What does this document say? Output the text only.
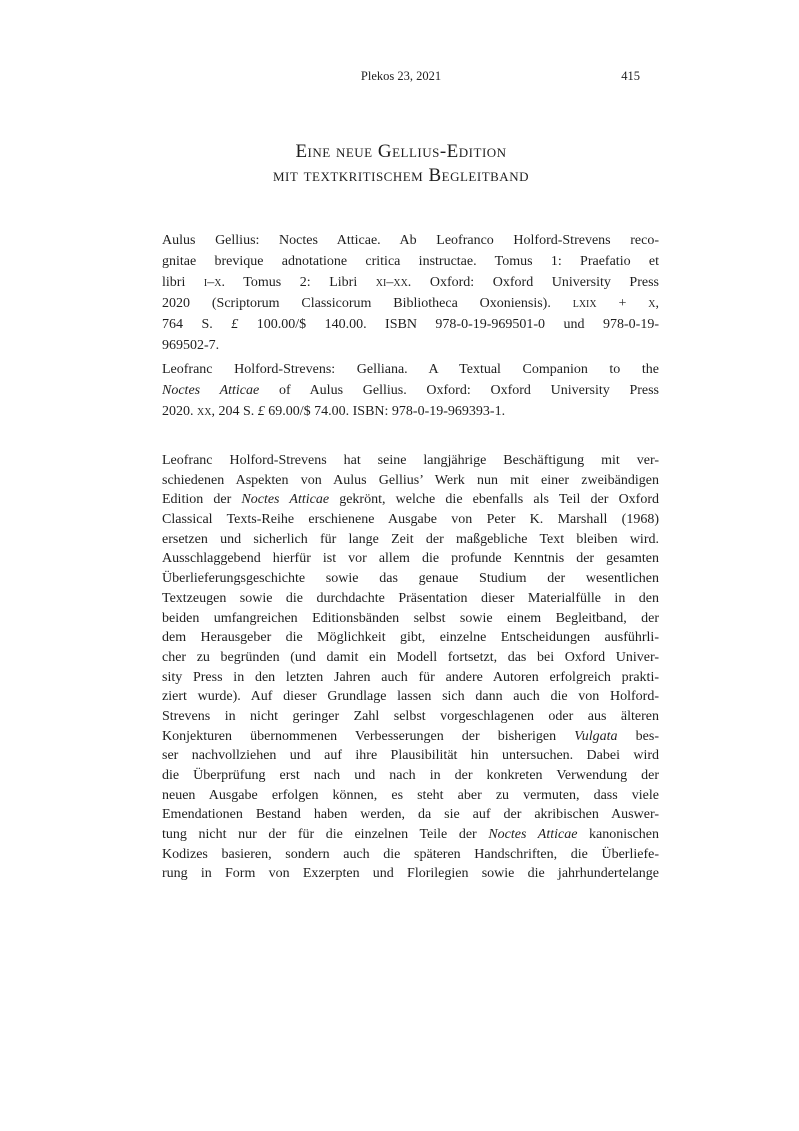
Plekos 23, 2021	415
Eine neue Gellius-Edition
mit textkritischem Begleitband
Aulus Gellius: Noctes Atticae. Ab Leofranco Holford-Strevens reco-
gnitae brevique adnotatione critica instructae. Tomus 1: Praefatio et
libri i–x. Tomus 2: Libri xi–xx. Oxford: Oxford University Press
2020 (Scriptorum Classicorum Bibliotheca Oxoniensis). lxix + x,
764 S. £ 100.00/$ 140.00. ISBN 978-0-19-969501-0 und 978-0-19-
969502-7.
Leofranc Holford-Strevens: Gelliana. A Textual Companion to the
Noctes Atticae of Aulus Gellius. Oxford: Oxford University Press
2020. xx, 204 S. £ 69.00/$ 74.00. ISBN: 978-0-19-969393-1.
Leofranc Holford-Strevens hat seine langjährige Beschäftigung mit ver-
schiedenen Aspekten von Aulus Gellius’ Werk nun mit einer zweibändigen
Edition der Noctes Atticae gekrönt, welche die ebenfalls als Teil der Oxford
Classical Texts-Reihe erschienene Ausgabe von Peter K. Marshall (1968)
ersetzen und sicherlich für lange Zeit der maßgebliche Text bleiben wird.
Ausschlaggebend hierfür ist vor allem die profunde Kenntnis der gesamten
Überlieferungsgeschichte sowie das genaue Studium der wesentlichen
Textzeugen sowie die durchdachte Präsentation dieser Materialfülle in den
beiden umfangreichen Editionsbänden selbst sowie einem Begleitband, der
dem Herausgeber die Möglichkeit gibt, einzelne Entscheidungen ausführli-
cher zu begründen (und damit ein Modell fortsetzt, das bei Oxford Univer-
sity Press in den letzten Jahren auch für andere Autoren erfolgreich prakti-
ziert wurde). Auf dieser Grundlage lassen sich dann auch die von Holford-
Strevens in nicht geringer Zahl selbst vorgeschlagenen oder aus älteren
Konjekturen übernommenen Verbesserungen der bisherigen Vulgata bes-
ser nachvollziehen und auf ihre Plausibilität hin untersuchen. Dabei wird
die Überprüfung erst nach und nach in der konkreten Verwendung der
neuen Ausgabe erfolgen können, es steht aber zu vermuten, dass viele
Emendationen Bestand haben werden, da sie auf der akribischen Auswer-
tung nicht nur der für die einzelnen Teile der Noctes Atticae kanonischen
Kodizes basieren, sondern auch die späteren Handschriften, die Überliefe-
rung in Form von Exzerpten und Florilegien sowie die jahrhundertelange
